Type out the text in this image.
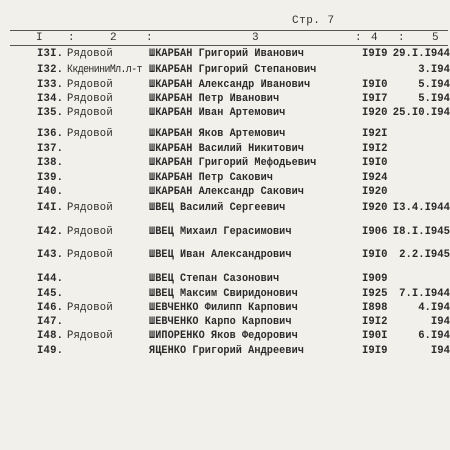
Стр. 7
I :	2	:	3	: 4 : 5
I3I. Рядовой	ШКАРБАН Григорий Иванович	I9I9 29.I.I944
I32. КкдениниМл.л-т ШКАРБАН Григорий Степанович	3.I94
I33. Рядовой	ШКАРБАН Александр Иванович	I9I0	5.I94
I34. Рядовой	ШКАРБАН Петр Иванович	I9I7	5.I94
I35. Рядовой	ШКАРБАН Иван Артемович	I920 25.I0.I94
I36. Рядовой	ШКАРБАН Яков Артемович	I92I
I37.	ШКАРБАН Василий Никитович	I9I2
I38.	ШКАРБАН Григорий Мефодьевич	I9I0
I39.	ШКАРБАН Петр Сакович	I924
I40.	ШКАРБАН Александр Сакович	I920
I4I. Рядовой	ШВЕЦ Василий Сергеевич	I920 I3.4.I944
I42. Рядовой	ШВЕЦ Михаил Герасимович	I906 I8.I.I945
I43. Рядовой	ШВЕЦ Иван Александрович	I9I0 2.2.I945
I44.	ШВЕЦ Степан Сазонович	I909
I45.	ШВЕЦ Максим Свиридонович	I925 7.I.I944
I46. Рядовой	ШЕВЧЕНКО Филипп Карпович	I898	4.I94
I47.	ШЕВЧЕНКО Карпо Карпович	I9I2	I94
I48. Рядовой	ШИПОРЕНКО Яков Федорович	I90I	6.I94
I49.	ЯЦЕНКО Григорий Андреевич	I9I9	I94
